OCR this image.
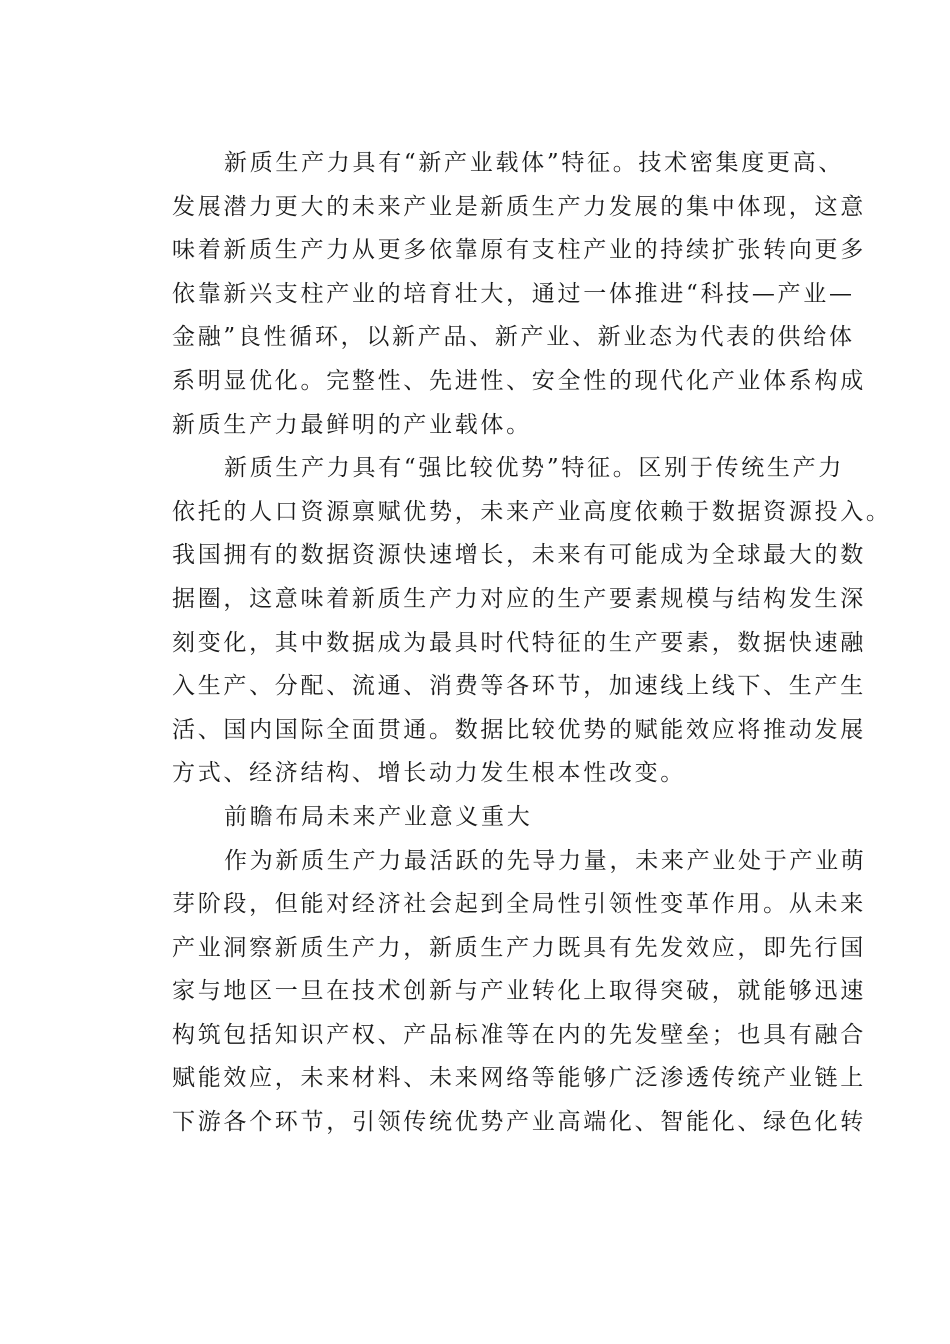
新质生产力具有“新产业载体”特征。技术密集度更高、
发展潜力更大的未来产业是新质生产力发展的集中体现，这意
味着新质生产力从更多依靠原有支柱产业的持续扩张转向更多
依靠新兴支柱产业的培育壮大，通过一体推进“科技—产业—
金融”良性循环，以新产品、新产业、新业态为代表的供给体
系明显优化。完整性、先进性、安全性的现代化产业体系构成
新质生产力最鲜明的产业载体。
新质生产力具有“强比较优势”特征。区别于传统生产力
依托的人口资源禀赋优势，未来产业高度依赖于数据资源投入。
我国拥有的数据资源快速增长，未来有可能成为全球最大的数
据圈，这意味着新质生产力对应的生产要素规模与结构发生深
刻变化，其中数据成为最具时代特征的生产要素，数据快速融
入生产、分配、流通、消费等各环节，加速线上线下、生产生
活、国内国际全面贯通。数据比较优势的赋能效应将推动发展
方式、经济结构、增长动力发生根本性改变。
前瞻布局未来产业意义重大
作为新质生产力最活跃的先导力量，未来产业处于产业萌
芽阶段，但能对经济社会起到全局性引领性变革作用。从未来
产业洞察新质生产力，新质生产力既具有先发效应，即先行国
家与地区一旦在技术创新与产业转化上取得突破，就能够迅速
构筑包括知识产权、产品标准等在内的先发壁垒；也具有融合
赋能效应，未来材料、未来网络等能够广泛渗透传统产业链上
下游各个环节，引领传统优势产业高端化、智能化、绿色化转
